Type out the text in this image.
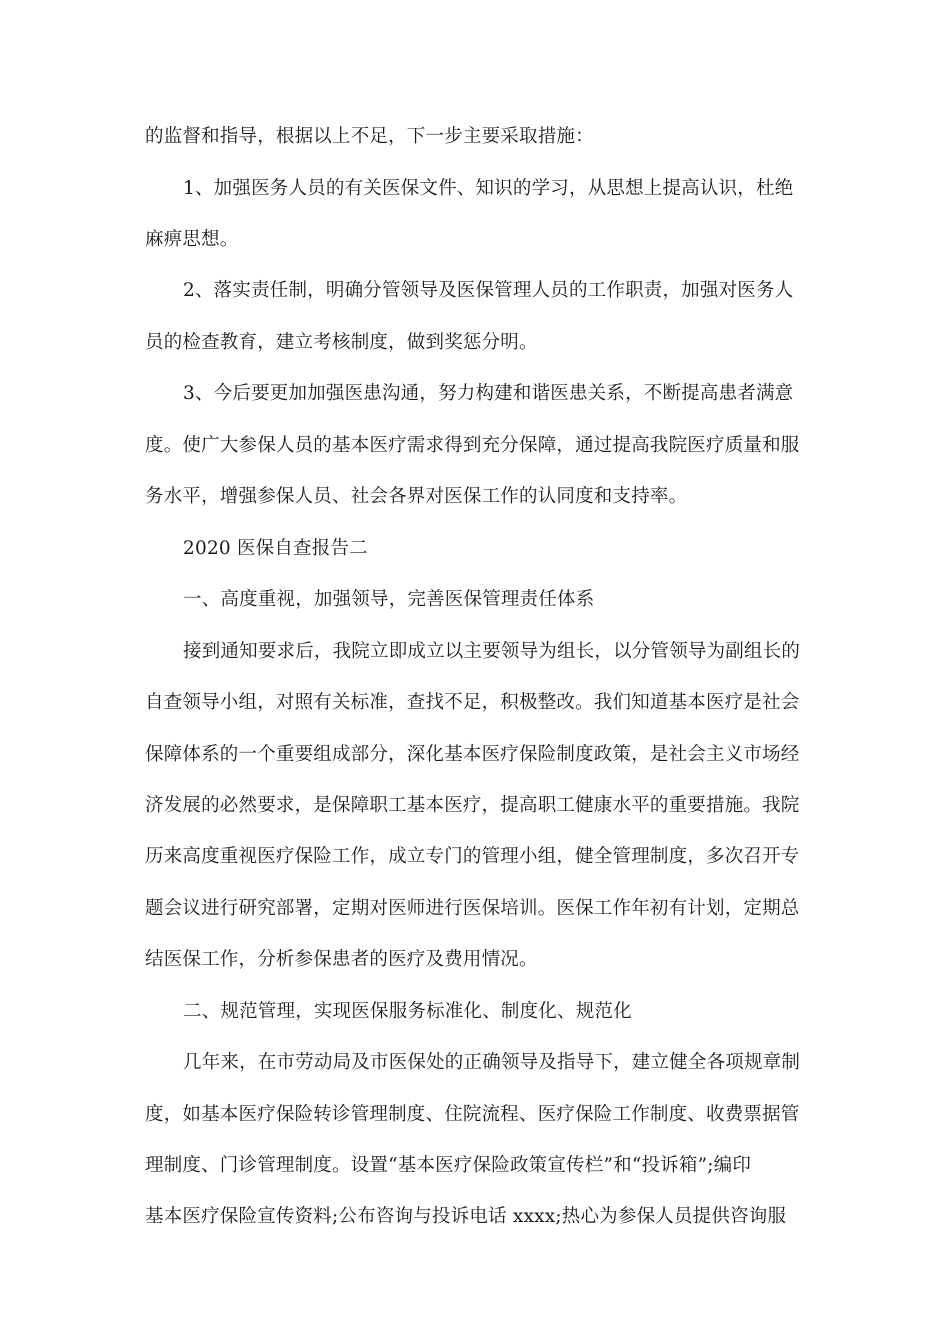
的监督和指导，根据以上不足，下一步主要采取措施：
1、加强医务人员的有关医保文件、知识的学习，从思想上提高认识，杜绝
麻痹思想。
2、落实责任制，明确分管领导及医保管理人员的工作职责，加强对医务人
员的检查教育，建立考核制度，做到奖惩分明。
3、今后要更加加强医患沟通，努力构建和谐医患关系，不断提高患者满意
度。使广大参保人员的基本医疗需求得到充分保障，通过提高我院医疗质量和服
务水平，增强参保人员、社会各界对医保工作的认同度和支持率。
2020 医保自查报告二
一、高度重视，加强领导，完善医保管理责任体系
接到通知要求后，我院立即成立以主要领导为组长，以分管领导为副组长的
自查领导小组，对照有关标准，查找不足，积极整改。我们知道基本医疗是社会
保障体系的一个重要组成部分，深化基本医疗保险制度政策，是社会主义市场经
济发展的必然要求，是保障职工基本医疗，提高职工健康水平的重要措施。我院
历来高度重视医疗保险工作，成立专门的管理小组，健全管理制度，多次召开专
题会议进行研究部署，定期对医师进行医保培训。医保工作年初有计划，定期总
结医保工作，分析参保患者的医疗及费用情况。
二、规范管理，实现医保服务标准化、制度化、规范化
几年来，在市劳动局及市医保处的正确领导及指导下，建立健全各项规章制
度，如基本医疗保险转诊管理制度、住院流程、医疗保险工作制度、收费票据管
理制度、门诊管理制度。设置“基本医疗保险政策宣传栏”和“投诉箱”;编印
基本医疗保险宣传资料;公布咨询与投诉电话 xxxx;热心为参保人员提供咨询服
